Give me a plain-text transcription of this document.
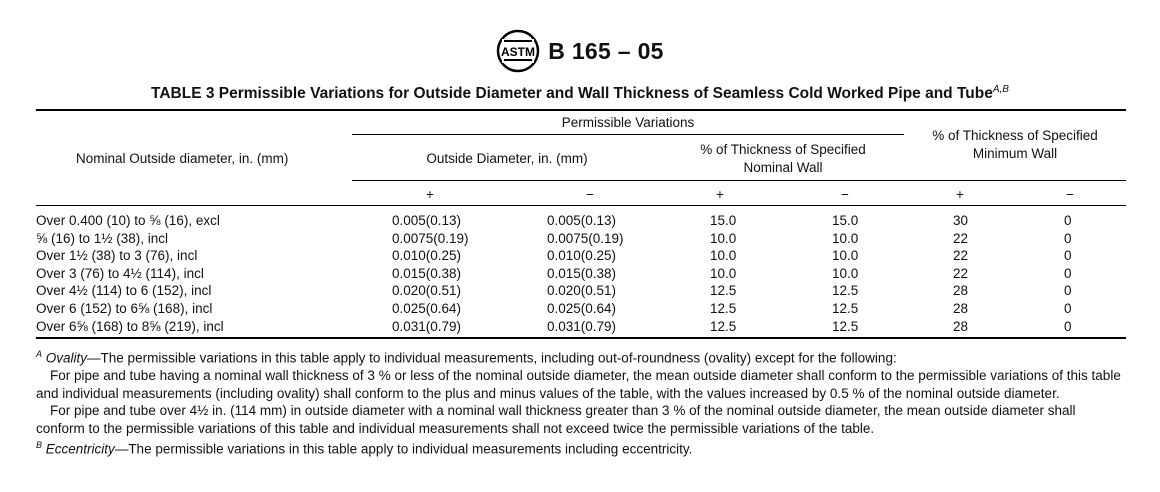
ASTM B 165 – 05
TABLE 3 Permissible Variations for Outside Diameter and Wall Thickness of Seamless Cold Worked Pipe and Tube$^{A,B}$
Nominal Outside diameter, in. (mm)
Permissible Variations
Outside Diameter, in. (mm)
% of Thickness of Specified
Nominal Wall
% of Thickness of Specified
Minimum Wall
+	−	+	−	+	−
Over 0.400 (10) to ⅝ (16), excl	0.005(0.13)	0.005(0.13)	15.0	15.0	30	0
⅝ (16) to 1½ (38), incl	0.0075(0.19)	0.0075(0.19)	10.0	10.0	22	0
Over 1½ (38) to 3 (76), incl	0.010(0.25)	0.010(0.25)	10.0	10.0	22	0
Over 3 (76) to 4½ (114), incl	0.015(0.38)	0.015(0.38)	10.0	10.0	22	0
Over 4½ (114) to 6 (152), incl	0.020(0.51)	0.020(0.51)	12.5	12.5	28	0
Over 6 (152) to 6⅝ (168), incl	0.025(0.64)	0.025(0.64)	12.5	12.5	28	0
Over 6⅝ (168) to 8⅝ (219), incl	0.031(0.79)	0.031(0.79)	12.5	12.5	28	0

$^A$ Ovality—The permissible variations in this table apply to individual measurements, including out-of-roundness (ovality) except for the following:

For pipe and tube having a nominal wall thickness of 3 % or less of the nominal outside diameter, the mean outside diameter shall conform to the permissible variations of this table and individual measurements (including ovality) shall conform to the plus and minus values of the table, with the values increased by 0.5 % of the nominal outside diameter.

For pipe and tube over 4½ in. (114 mm) in outside diameter with a nominal wall thickness greater than 3 % of the nominal outside diameter, the mean outside diameter shall conform to the permissible variations of this table and individual measurements shall not exceed twice the permissible variations of the table.

$^B$ Eccentricity—The permissible variations in this table apply to individual measurements including eccentricity.
